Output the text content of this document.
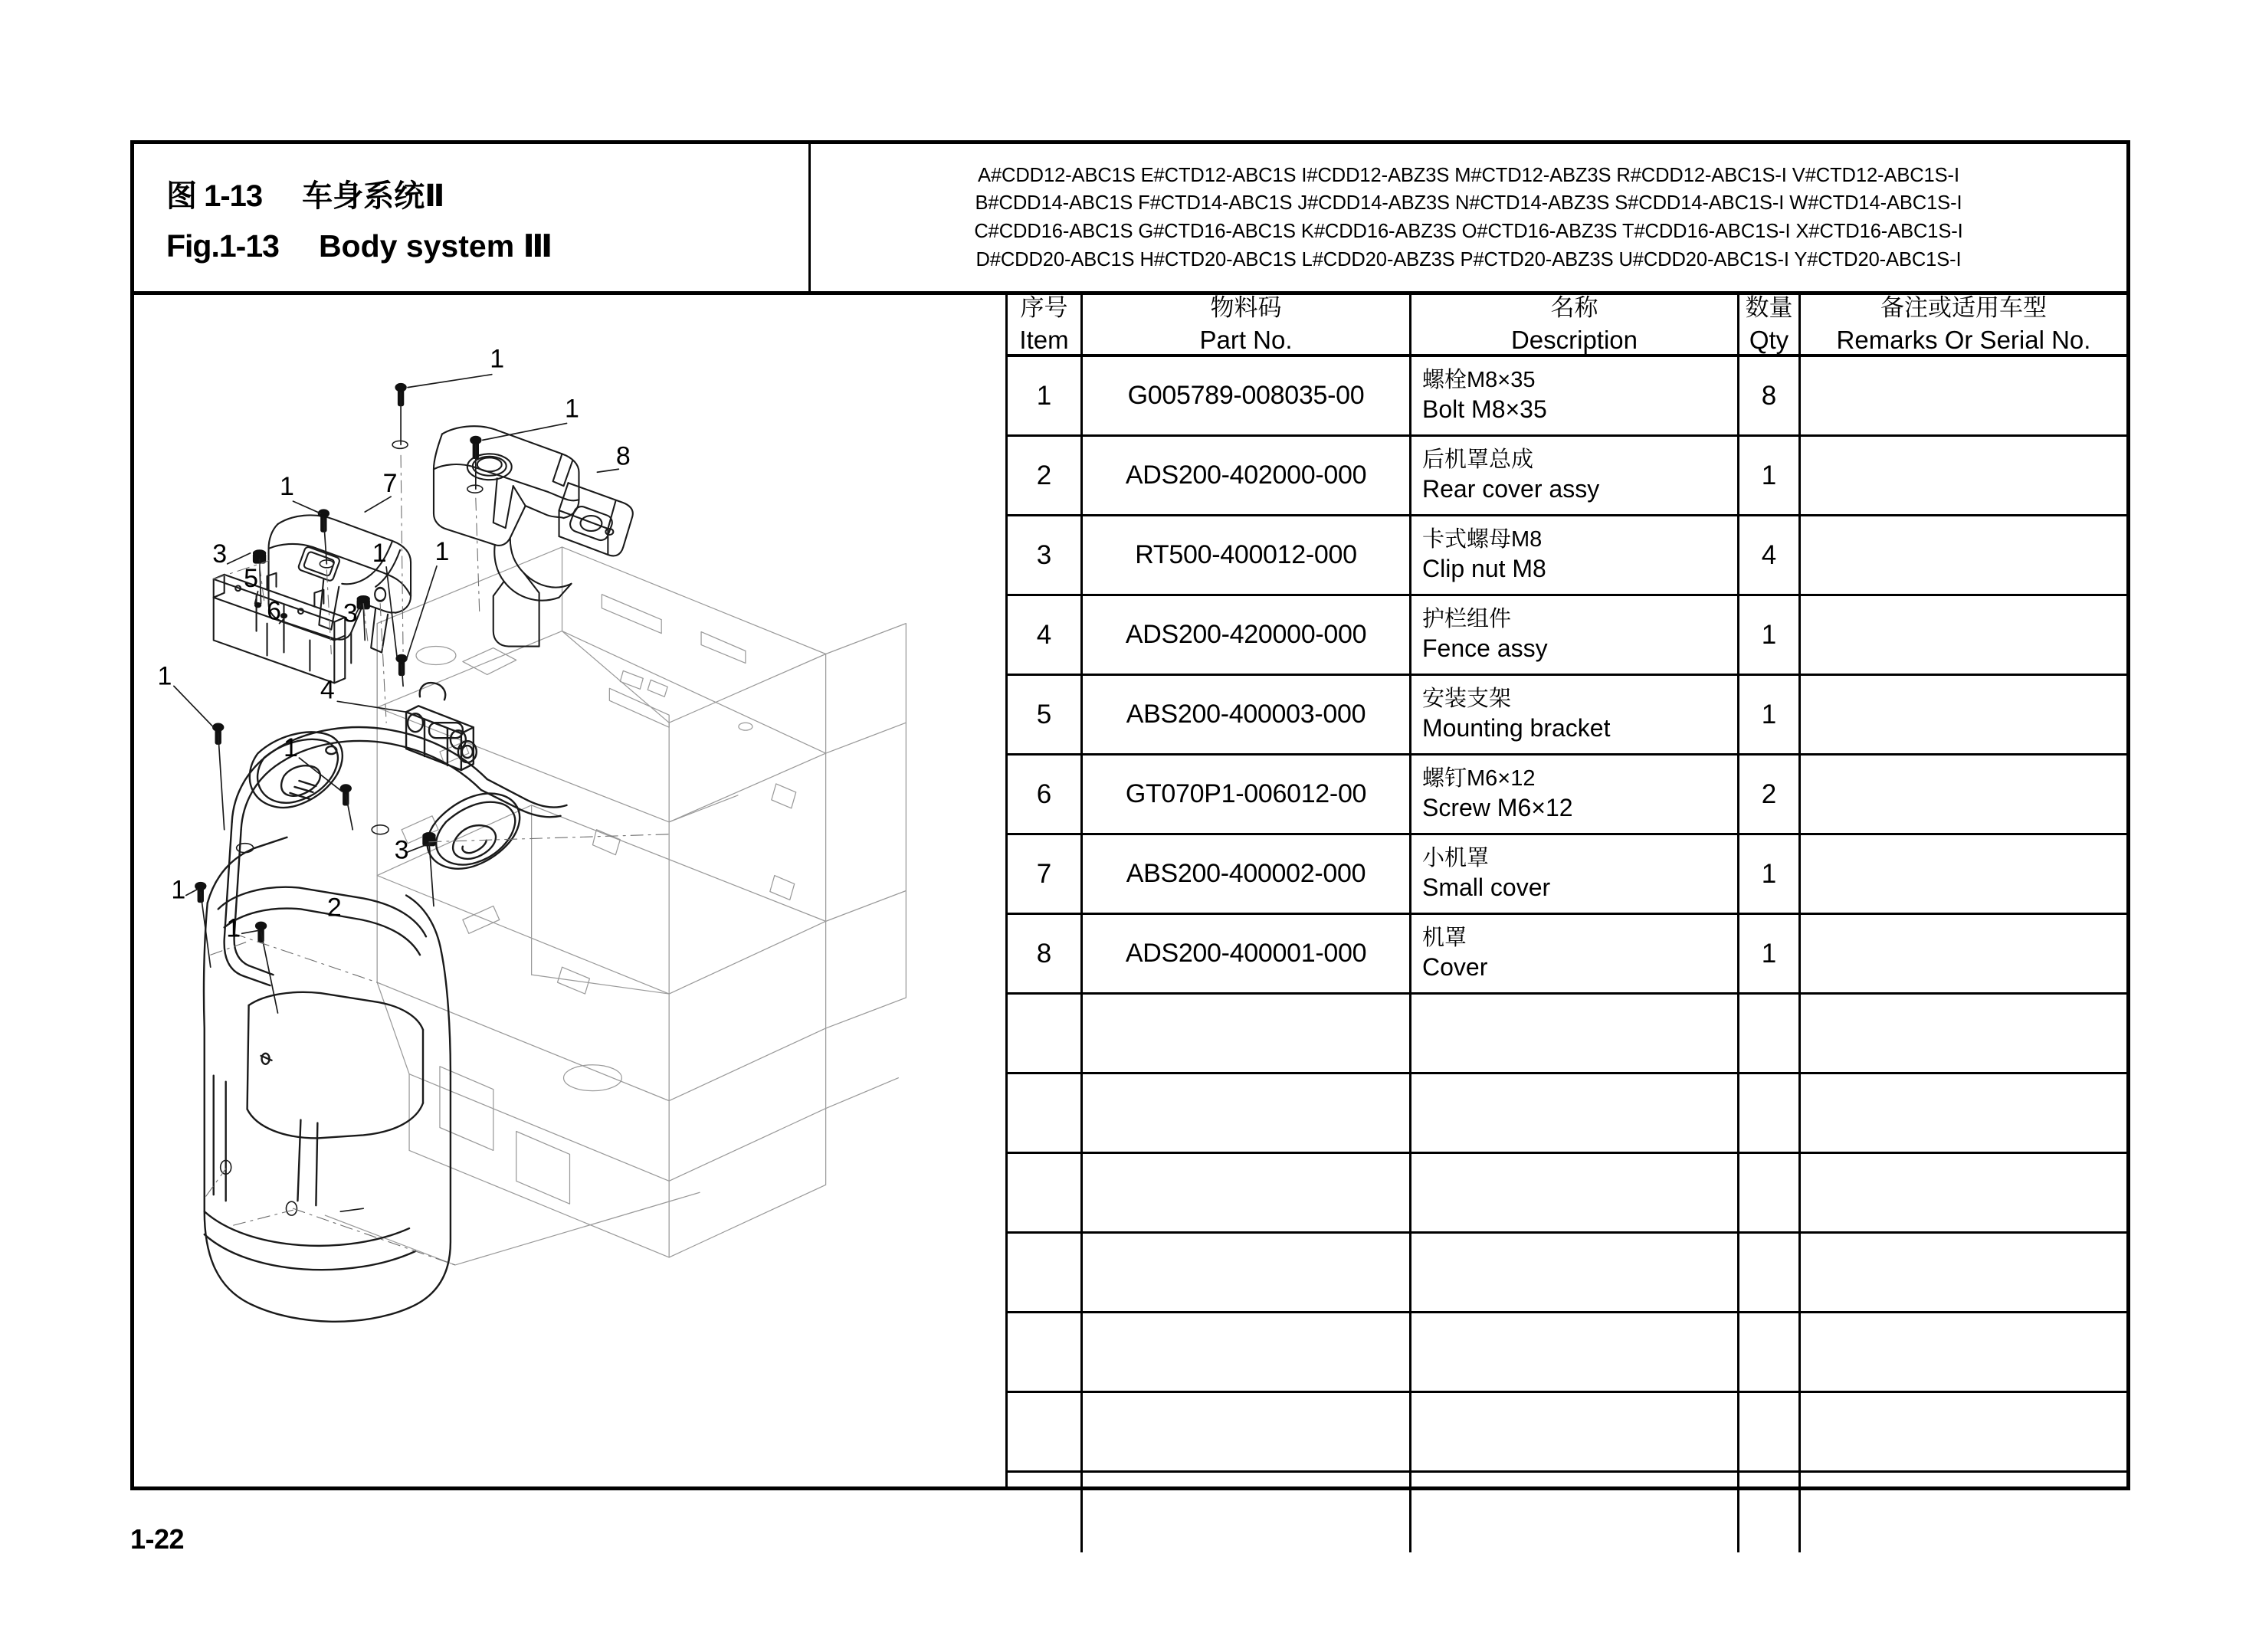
图 1-13 车身系统Ⅱ
Fig.1-13 Body system Ⅲ
A#CDD12-ABC1S E#CTD12-ABC1S I#CDD12-ABZ3S M#CTD12-ABZ3S R#CDD12-ABC1S-I V#CTD12-ABC1S-I
B#CDD14-ABC1S F#CTD14-ABC1S J#CDD14-ABZ3S N#CTD14-ABZ3S S#CDD14-ABC1S-I W#CTD14-ABC1S-I
C#CDD16-ABC1S G#CTD16-ABC1S K#CDD16-ABZ3S O#CTD16-ABZ3S T#CDD16-ABC1S-I X#CTD16-ABC1S-I
D#CDD20-ABC1S H#CTD20-ABC1S L#CDD20-ABZ3S P#CTD20-ABZ3S U#CDD20-ABC1S-I Y#CTD20-ABC1S-I
1
1
8
1	7
1
3
5
6 3
1
1	4
1
3
1
1
2
序号
Item
物料码
Part No.
名称
Description
数量
Qty
备注或适用车型
Remarks Or Serial No.
1	G005789-008035-00
螺栓M8×35
Bolt M8×35	8
2	ADS200-402000-000
后机罩总成
Rear cover assy	1
3	RT500-400012-000
卡式螺母M8
Clip nut M8	4
4	ADS200-420000-000
护栏组件
Fence assy	1
5	ABS200-400003-000
安装支架
Mounting bracket	1
6	GT070P1-006012-00
螺钉M6×12
Screw M6×12	2
7	ABS200-400002-000
小机罩
Small cover	1
8	ADS200-400001-000
机罩
Cover	1
1-22
